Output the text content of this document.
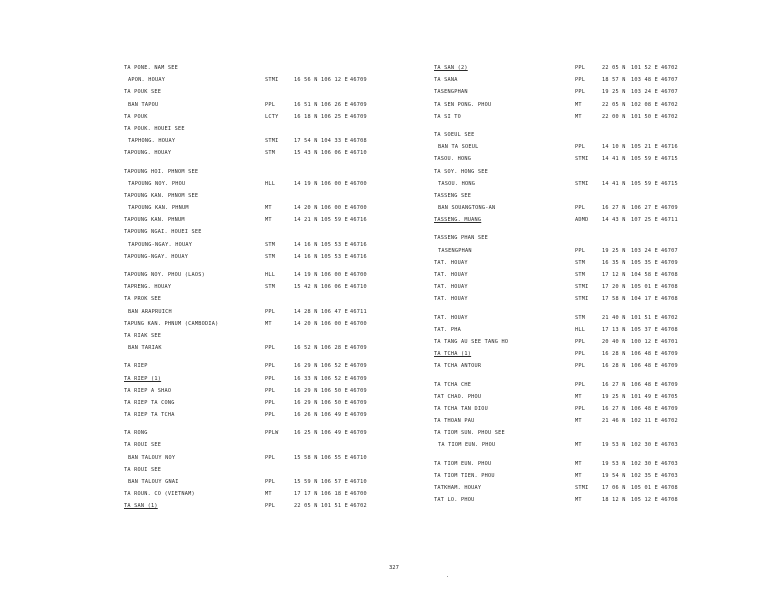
TA PONE. NAM SEE
APON. HOUAY	STMI	16 56 N 106 12 E 46709
TA POUK SEE
BAN TAPOU	PPL	16 51 N 106 26 E 46709
TA POUK	LCTY	16 18 N 106 25 E 46709
TA POUK. HOUEI SEE
TAPHONG. HOUAY	STMI	17 54 N 104 33 E 46708
TAPOUNG. HOUAY	STM	15 43 N 106 06 E 46710
TAPOUNG HOI. PHNOM SEE
TAPOUNG NOY. PHOU	HLL	14 19 N 106 00 E 46700
TAPOUNG KAN. PHNOM SEE
TAPOUNG KAN. PHNUM	MT	14 20 N 106 00 E 46700
TAPOUNG KAN. PHNUM	MT	14 21 N 105 59 E 46716
TAPOUNG NGAI. HOUEI SEE
TAPOUNG-NGAY. HOUAY	STM	14 16 N 105 53 E 46716
TAPOUNG-NGAY. HOUAY	STM	14 16 N 105 53 E 46716
TAPOUNG NOY. PHOU (LAOS)	HLL	14 19 N 106 00 E 46700
TAPRENG. HOUAY	STM	15 42 N 106 06 E 46710
TA PROK SEE
BAN ARAPRUICH	PPL	14 28 N 106 47 E 46711
TAPUNG KAN. PHNUM (CAMBODIA)	MT	14 20 N 106 00 E 46700
TA RIAK SEE
BAN TARIAK	PPL	16 52 N 106 28 E 46709
TA RIEP	PPL	16 29 N 106 52 E 46709
TA RIEP (1)	PPL	16 33 N 106 52 E 46709
TA RIEP A SHAO	PPL	16 29 N 106 50 E 46709
TA RIEP TA CONG	PPL	16 29 N 106 50 E 46709
TA RIEP TA TCHA	PPL	16 26 N 106 49 E 46709
TA RONG	PPLW	16 25 N 106 49 E 46709
TA ROUI SEE
BAN TALOUY NOY	PPL	15 58 N 106 55 E 46710
TA ROUI SEE
BAN TALOUY GNAI	PPL	15 59 N 106 57 E 46710
TA ROUN. CO (VIETNAM)	MT	17 17 N 106 18 E 46700
TA SAN (1)	PPL	22 05 N 101 51 E 46702
TA SAN (2)	PPL	22 05 N 101 52 E 46702
TA SANA	PPL	18 57 N 103 48 E 46707
TASENGPHAN	PPL	19 25 N 103 24 E 46707
TA SEN PONG. PHOU	MT	22 05 N 102 08 E 46702
TA SI TO	MT	22 00 N 101 50 E 46702
TA SOEUL SEE
BAN TA SOEUL	PPL	14 10 N 105 21 E 46716
TASOU. HONG	STMI	14 41 N 105 59 E 46715
TA SOY. HONG SEE
TASOU. HONG	STMI	14 41 N 105 59 E 46715
TASSENG SEE
BAN SOUANGTONG-AN	PPL	16 27 N 106 27 E 46709
TASSENG. MUANG	ADMD	14 43 N 107 25 E 46711
TASSENG PHAN SEE
TASENGPHAN	PPL	19 25 N 103 24 E 46707
TAT. HOUAY	STM	16 35 N 105 35 E 46709
TAT. HOUAY	STM	17 12 N 104 58 E 46708
TAT. HOUAY	STMI	17 20 N 105 01 E 46708
TAT. HOUAY	STMI	17 58 N 104 17 E 46708
TAT. HOUAY	STM	21 40 N 101 51 E 46702
TAT. PHA	HLL	17 13 N 105 37 E 46708
TA TANG AU SEE TANG HO	PPL	20 40 N 100 12 E 46701
TA TCHA (1)	PPL	16 28 N 106 48 E 46709
TA TCHA ANTOUR	PPL	16 28 N 106 48 E 46709
TA TCHA CHE	PPL	16 27 N 106 48 E 46709
TAT CHAO. PHOU	MT	19 25 N 101 49 E 46705
TA TCHA TAN DIOU	PPL	16 27 N 106 48 E 46709
TA THOAN PAU	MT	21 46 N 102 11 E 46702
TA TIOM SUN. PHOU SEE
TA TIOM EUN. PHOU	MT	19 53 N 102 30 E 46703
TA TIOM EUN. PHOU	MT	19 53 N 102 30 E 46703
TA TIOM TIEN. PHOU	MT	19 54 N 102 35 E 46703
TATKHAM. HOUAY	STMI	17 06 N 105 01 E 46708
TAT LO. PHOU	MT	18 12 N 105 12 E 46708
327
.
